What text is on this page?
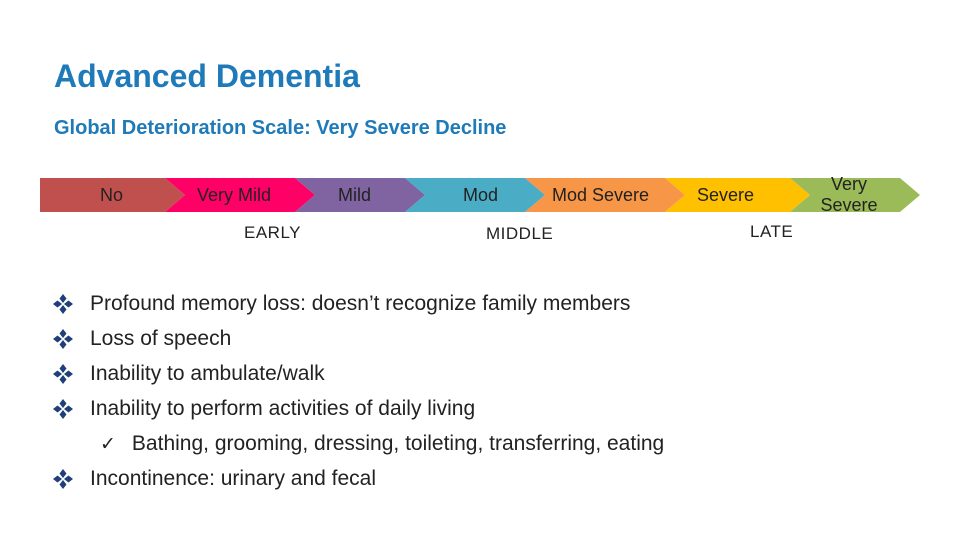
Advanced Dementia
Global Deterioration Scale: Very Severe Decline
No	Very Mild	Mild	Mod	Mod Severe	Severe
Very Severe
EARLY	MIDDLE	LATE
Profound memory loss: doesn’t recognize family members
Loss of speech
Inability to ambulate/walk
Inability to perform activities of daily living
✓ Bathing, grooming, dressing, toileting, transferring, eating
Incontinence: urinary and fecal
